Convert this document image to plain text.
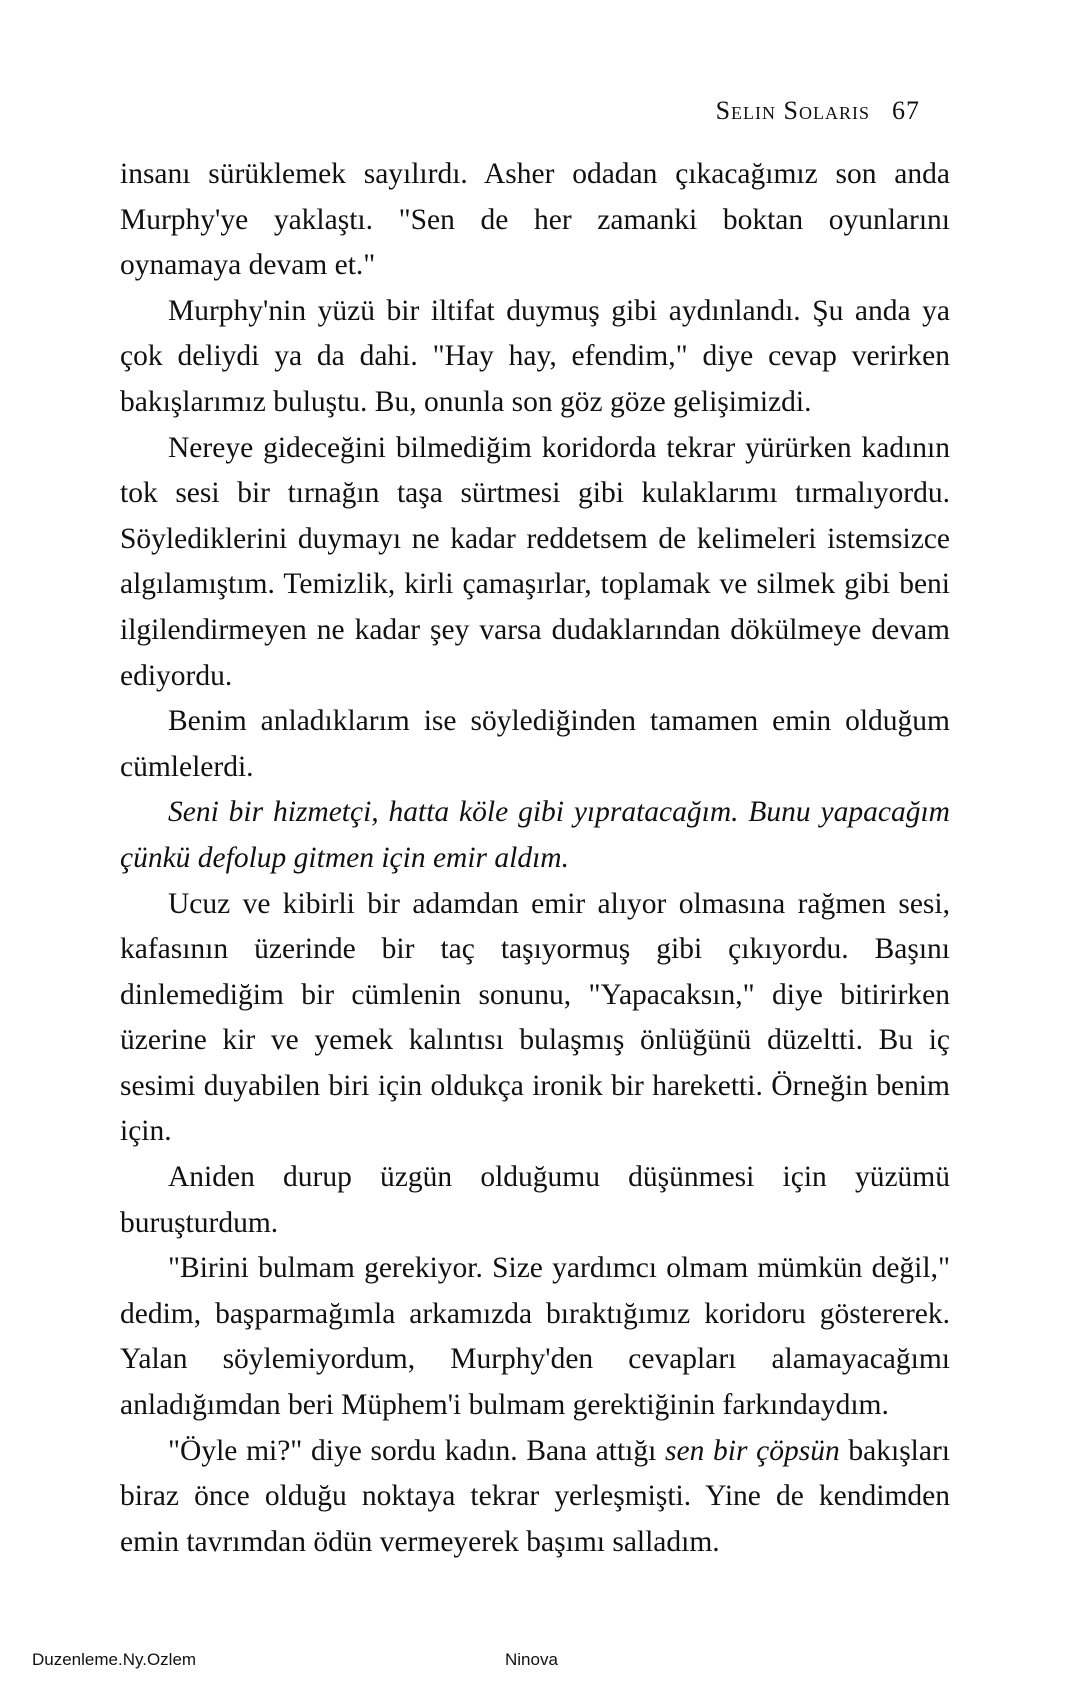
Selin Solaris 67

insanı sürüklemek sayılırdı. Asher odadan çıkacağımız son anda Murphy'ye yaklaştı. "Sen de her zamanki boktan oyunlarını oynamaya devam et."

Murphy'nin yüzü bir iltifat duymuş gibi aydınlandı. Şu anda ya çok deliydi ya da dahi. "Hay hay, efendim," diye cevap verirken bakışlarımız buluştu. Bu, onunla son göz göze gelişimizdi.

Nereye gideceğini bilmediğim koridorda tekrar yürürken kadının tok sesi bir tırnağın taşa sürtmesi gibi kulaklarımı tırmalıyordu. Söylediklerini duymayı ne kadar reddetsem de kelimeleri istemsizce algılamıştım. Temizlik, kirli çamaşırlar, toplamak ve silmek gibi beni ilgilendirmeyen ne kadar şey varsa dudaklarından dökülmeye devam ediyordu.

Benim anladıklarım ise söylediğinden tamamen emin olduğum cümlelerdi.

Seni bir hizmetçi, hatta köle gibi yıpratacağım. Bunu yapacağım çünkü defolup gitmen için emir aldım.

Ucuz ve kibirli bir adamdan emir alıyor olmasına rağmen sesi, kafasının üzerinde bir taç taşıyormuş gibi çıkıyordu. Başını dinlemediğim bir cümlenin sonunu, "Yapacaksın," diye bitirirken üzerine kir ve yemek kalıntısı bulaşmış önlüğünü düzeltti. Bu iç sesimi duyabilen biri için oldukça ironik bir hareketti. Örneğin benim için.

Aniden durup üzgün olduğumu düşünmesi için yüzümü buruşturdum.

"Birini bulmam gerekiyor. Size yardımcı olmam mümkün değil," dedim, başparmağımla arkamızda bıraktığımız koridoru göstererek. Yalan söylemiyordum, Murphy'den cevapları alamayacağımı anladığımdan beri Müphem'i bulmam gerektiğinin farkındaydım.

"Öyle mi?" diye sordu kadın. Bana attığı sen bir çöpsün bakışları biraz önce olduğu noktaya tekrar yerleşmişti. Yine de kendimden emin tavrımdan ödün vermeyerek başımı salladım.

Duzenleme.Ny.Ozlem	Ninova
